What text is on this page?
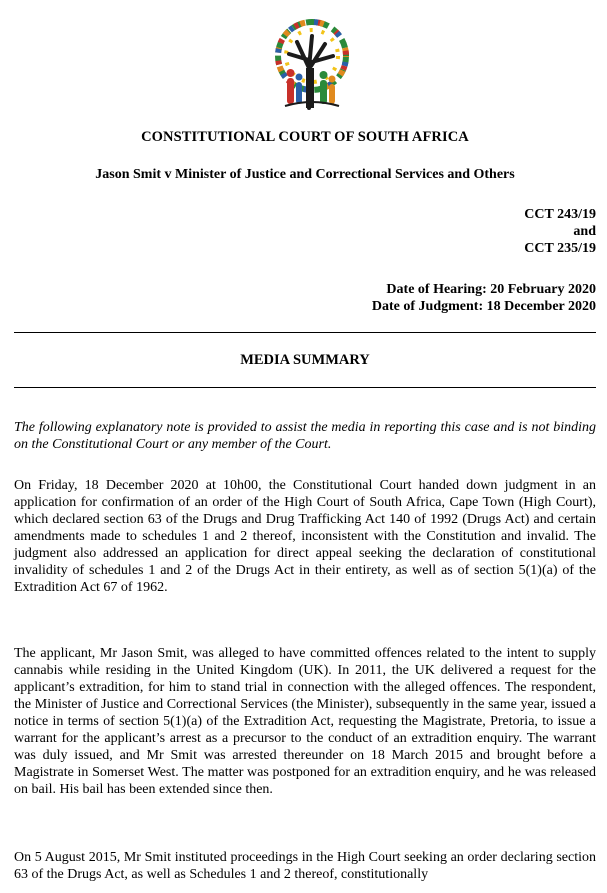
CONSTITUTIONAL COURT OF SOUTH AFRICA
Jason Smit v Minister of Justice and Correctional Services and Others
CCT 243/19
and
CCT 235/19
Date of Hearing: 20 February 2020
Date of Judgment: 18 December 2020
MEDIA SUMMARY

The following explanatory note is provided to assist the media in reporting this case and is not binding on the Constitutional Court or any member of the Court.

On Friday, 18 December 2020 at 10h00, the Constitutional Court handed down judgment in an application for confirmation of an order of the High Court of South Africa, Cape Town (High Court), which declared section 63 of the Drugs and Drug Trafficking Act 140 of 1992 (Drugs Act) and certain amendments made to schedules 1 and 2 thereof, inconsistent with the Constitution and invalid. The judgment also addressed an application for direct appeal seeking the declaration of constitutional invalidity of schedules 1 and 2 of the Drugs Act in their entirety, as well as of section 5(1)(a) of the Extradition Act 67 of 1962.

The applicant, Mr Jason Smit, was alleged to have committed offences related to the intent to supply cannabis while residing in the United Kingdom (UK). In 2011, the UK delivered a request for the applicant’s extradition, for him to stand trial in connection with the alleged offences. The respondent, the Minister of Justice and Correctional Services (the Minister), subsequently in the same year, issued a notice in terms of section 5(1)(a) of the Extradition Act, requesting the Magistrate, Pretoria, to issue a warrant for the applicant’s arrest as a precursor to the conduct of an extradition enquiry. The warrant was duly issued, and Mr Smit was arrested thereunder on 18 March 2015 and brought before a Magistrate in Somerset West. The matter was postponed for an extradition enquiry, and he was released on bail. His bail has been extended since then.

On 5 August 2015, Mr Smit instituted proceedings in the High Court seeking an order declaring section 63 of the Drugs Act, as well as Schedules 1 and 2 thereof, constitutionally
